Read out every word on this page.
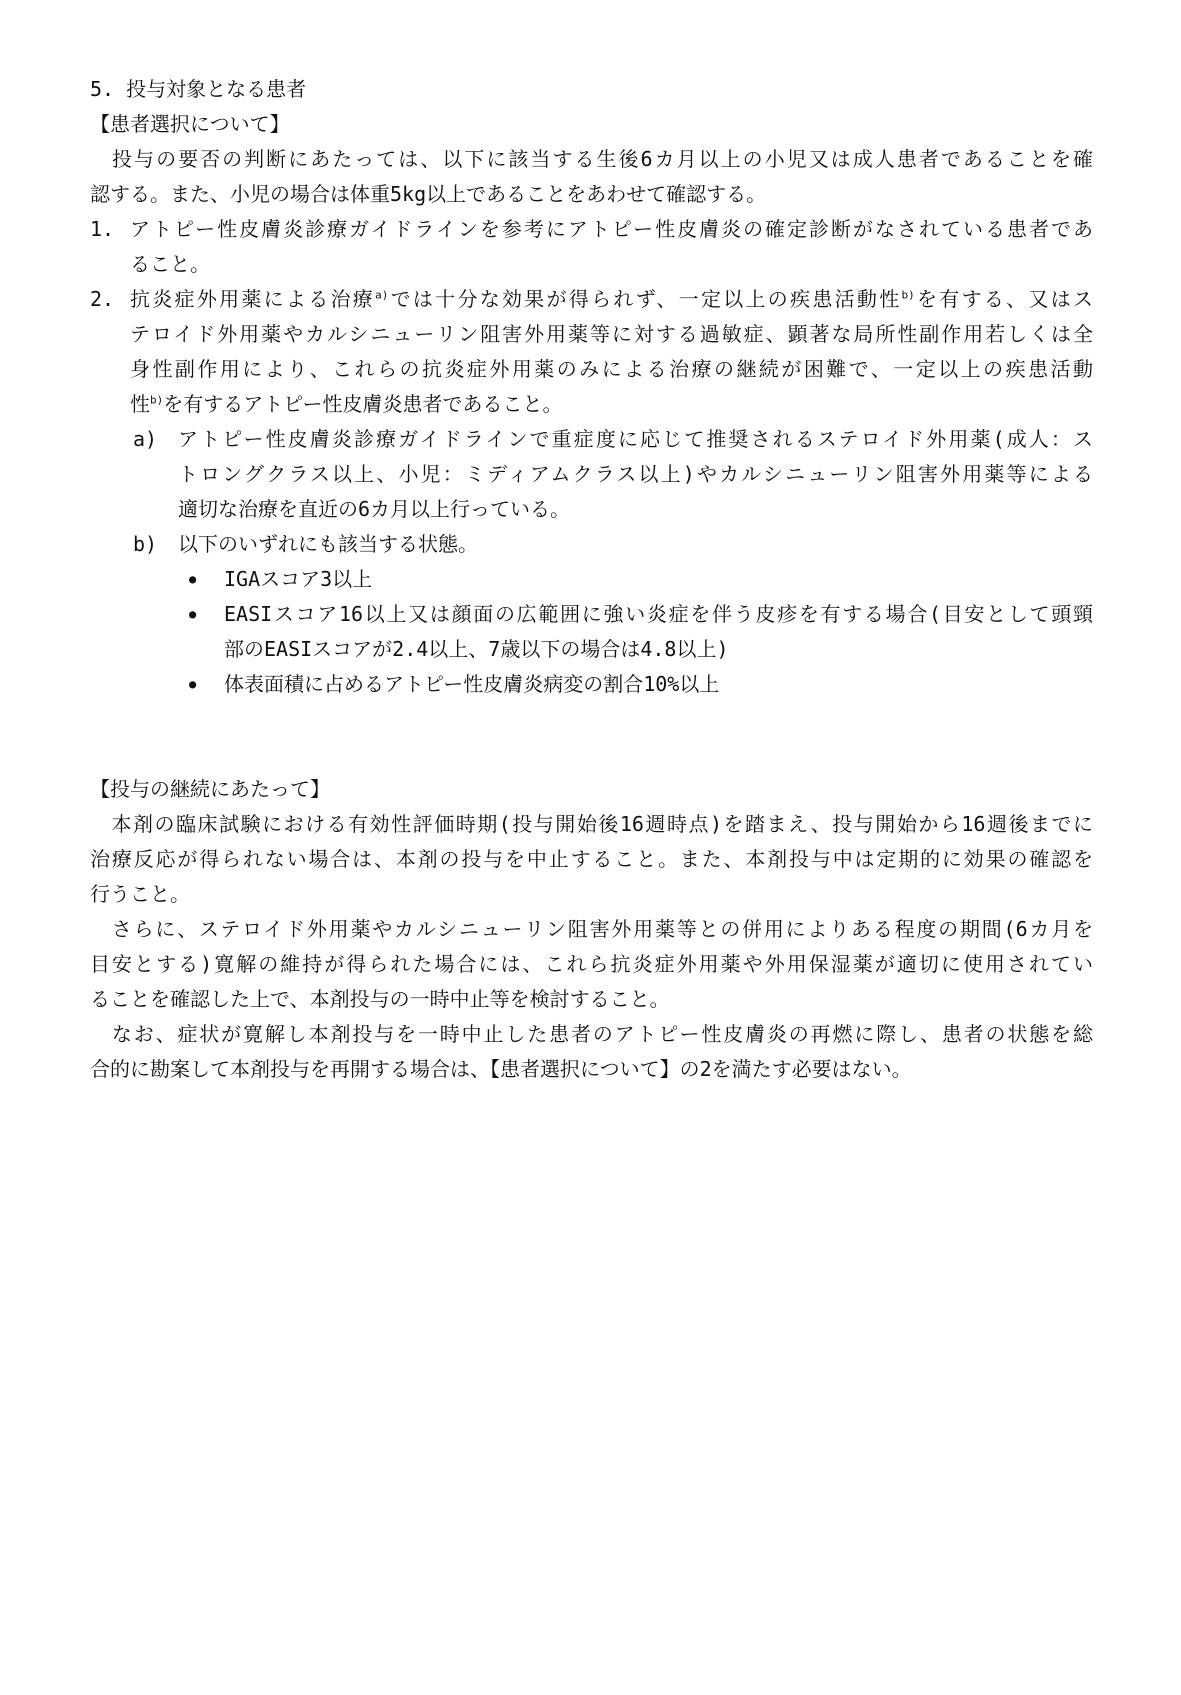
5. 投与対象となる患者
【患者選択について】
　投与の要否の判断にあたっては、以下に該当する生後6カ月以上の小児又は成人患者であることを確
認する。また、小児の場合は体重5kg以上であることをあわせて確認する。
1. アトピー性皮膚炎診療ガイドラインを参考にアトピー性皮膚炎の確定診断がなされている患者であ
ること。
2. 抗炎症外用薬による治療$^{a)}$では十分な効果が得られず、一定以上の疾患活動性$^{b)}$を有する、又はス
テロイド外用薬やカルシニューリン阻害外用薬等に対する過敏症、顕著な局所性副作用若しくは全
身性副作用により、これらの抗炎症外用薬のみによる治療の継続が困難で、一定以上の疾患活動
性$^{b)}$を有するアトピー性皮膚炎患者であること。
a) アトピー性皮膚炎診療ガイドラインで重症度に応じて推奨されるステロイド外用薬(成人：ス
トロングクラス以上、小児：ミディアムクラス以上)やカルシニューリン阻害外用薬等による
適切な治療を直近の6カ月以上行っている。
b) 以下のいずれにも該当する状態。
● IGAスコア3以上
● EASIスコア16以上又は顔面の広範囲に強い炎症を伴う皮疹を有する場合(目安として頭頸
部のEASIスコアが2.4以上、7歳以下の場合は4.8以上)
● 体表面積に占めるアトピー性皮膚炎病変の割合10%以上
【投与の継続にあたって】
　本剤の臨床試験における有効性評価時期(投与開始後16週時点)を踏まえ、投与開始から16週後までに
治療反応が得られない場合は、本剤の投与を中止すること。また、本剤投与中は定期的に効果の確認を
行うこと。
　さらに、ステロイド外用薬やカルシニューリン阻害外用薬等との併用によりある程度の期間(6カ月を
目安とする)寛解の維持が得られた場合には、これら抗炎症外用薬や外用保湿薬が適切に使用されてい
ることを確認した上で、本剤投与の一時中止等を検討すること。
　なお、症状が寛解し本剤投与を一時中止した患者のアトピー性皮膚炎の再燃に際し、患者の状態を総
合的に勘案して本剤投与を再開する場合は、【患者選択について】の2を満たす必要はない。
